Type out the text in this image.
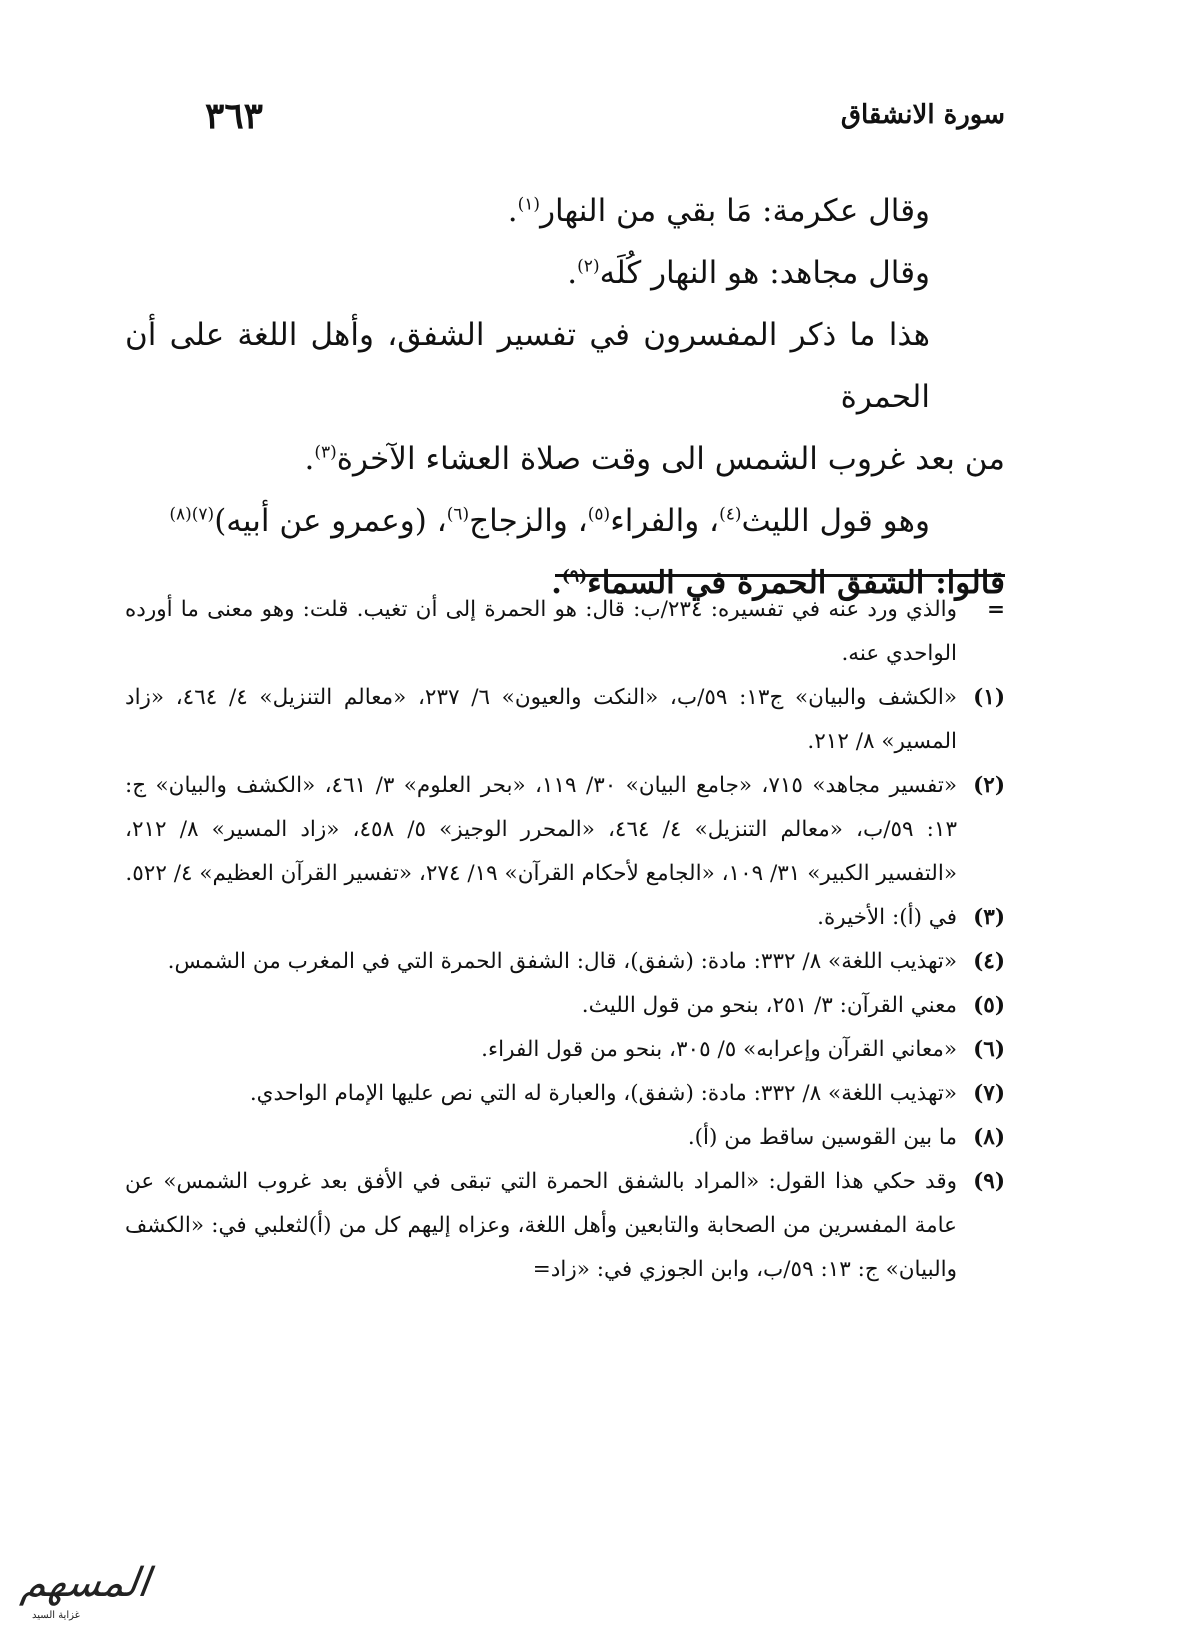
سورة الانشقاق
٣٦٣

وقال عكرمة: مَا بقي من النهار$^{(١)}$.

وقال مجاهد: هو النهار كُلَه$^{(٢)}$.

هذا ما ذكر المفسرون في تفسير الشفق، وأهل اللغة على أن الحمرة

من بعد غروب الشمس الى وقت صلاة العشاء الآخرة$^{(٣)}$.

وهو قول الليث$^{(٤)}$، والفراء$^{(٥)}$، والزجاج$^{(٦)}$، (وعمرو عن أبيه)$^{(٧)(٨)}$

قالوا: الشفق الحمرة في السماء$^{(٩)}$.

=
والذي ورد عنه في تفسيره: ٢٣٤/ب: قال: هو الحمرة إلى أن تغيب. قلت: وهو معنى ما أورده الواحدي عنه.
(١)
«الكشف والبيان» ج١٣: ٥٩/ب، «النكت والعيون» ٦/ ٢٣٧، «معالم التنزيل» ٤/ ٤٦٤، «زاد المسير» ٨/ ٢١٢.
(٢)
«تفسير مجاهد» ٧١٥، «جامع البيان» ٣٠/ ١١٩، «بحر العلوم» ٣/ ٤٦١، «الكشف والبيان» ج: ١٣: ٥٩/ب، «معالم التنزيل» ٤/ ٤٦٤، «المحرر الوجيز» ٥/ ٤٥٨، «زاد المسير» ٨/ ٢١٢، «التفسير الكبير» ٣١/ ١٠٩، «الجامع لأحكام القرآن» ١٩/ ٢٧٤، «تفسير القرآن العظيم» ٤/ ٥٢٢.
(٣)
في (أ): الأخيرة.
(٤)
«تهذيب اللغة» ٨/ ٣٣٢: مادة: (شفق)، قال: الشفق الحمرة التي في المغرب من الشمس.
(٥)
معني القرآن: ٣/ ٢٥١، بنحو من قول الليث.
(٦)
«معاني القرآن وإعرابه» ٥/ ٣٠٥، بنحو من قول الفراء.
(٧)
«تهذيب اللغة» ٨/ ٣٣٢: مادة: (شفق)، والعبارة له التي نص عليها الإمام الواحدي.
(٨)
ما بين القوسين ساقط من (أ).
(٩)
وقد حكي هذا القول: «المراد بالشفق الحمرة التي تبقى في الأفق بعد غروب الشمس» عن عامة المفسرين من الصحابة والتابعين وأهل اللغة، وعزاه إليهم كل من (أ)لثعلبي في: «الكشف والبيان» ج: ١٣: ٥٩/ب، وابن الجوزي في: «زاد=
المسهم
غزاية السيد
